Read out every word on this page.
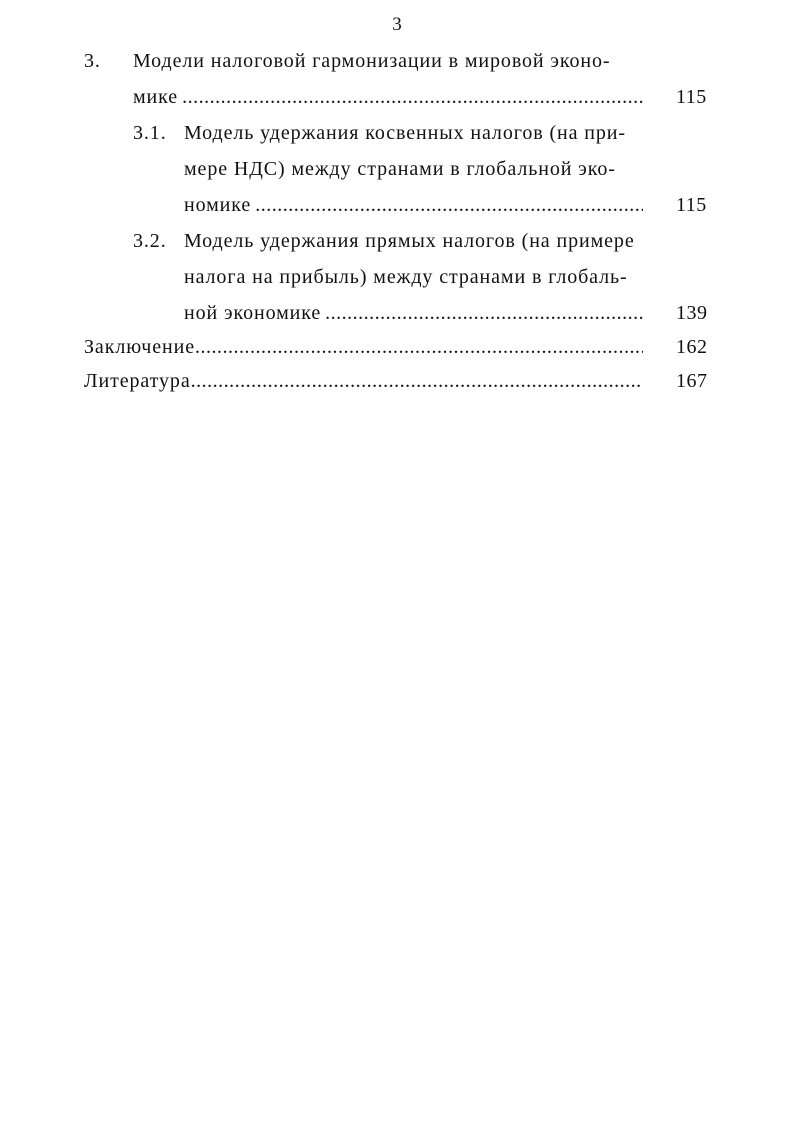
3
3. Модели налоговой гармонизации в мировой эконо-
мике .....	115
3.1. Модель удержания косвенных налогов (на при-
мере НДС) между странами в глобальной эко-
номике .....	115
3.2. Модель удержания прямых налогов (на примере
налога на прибыль) между странами в глобаль-
ной экономике .....	139
Заключение .....	162
Литература .....	167
